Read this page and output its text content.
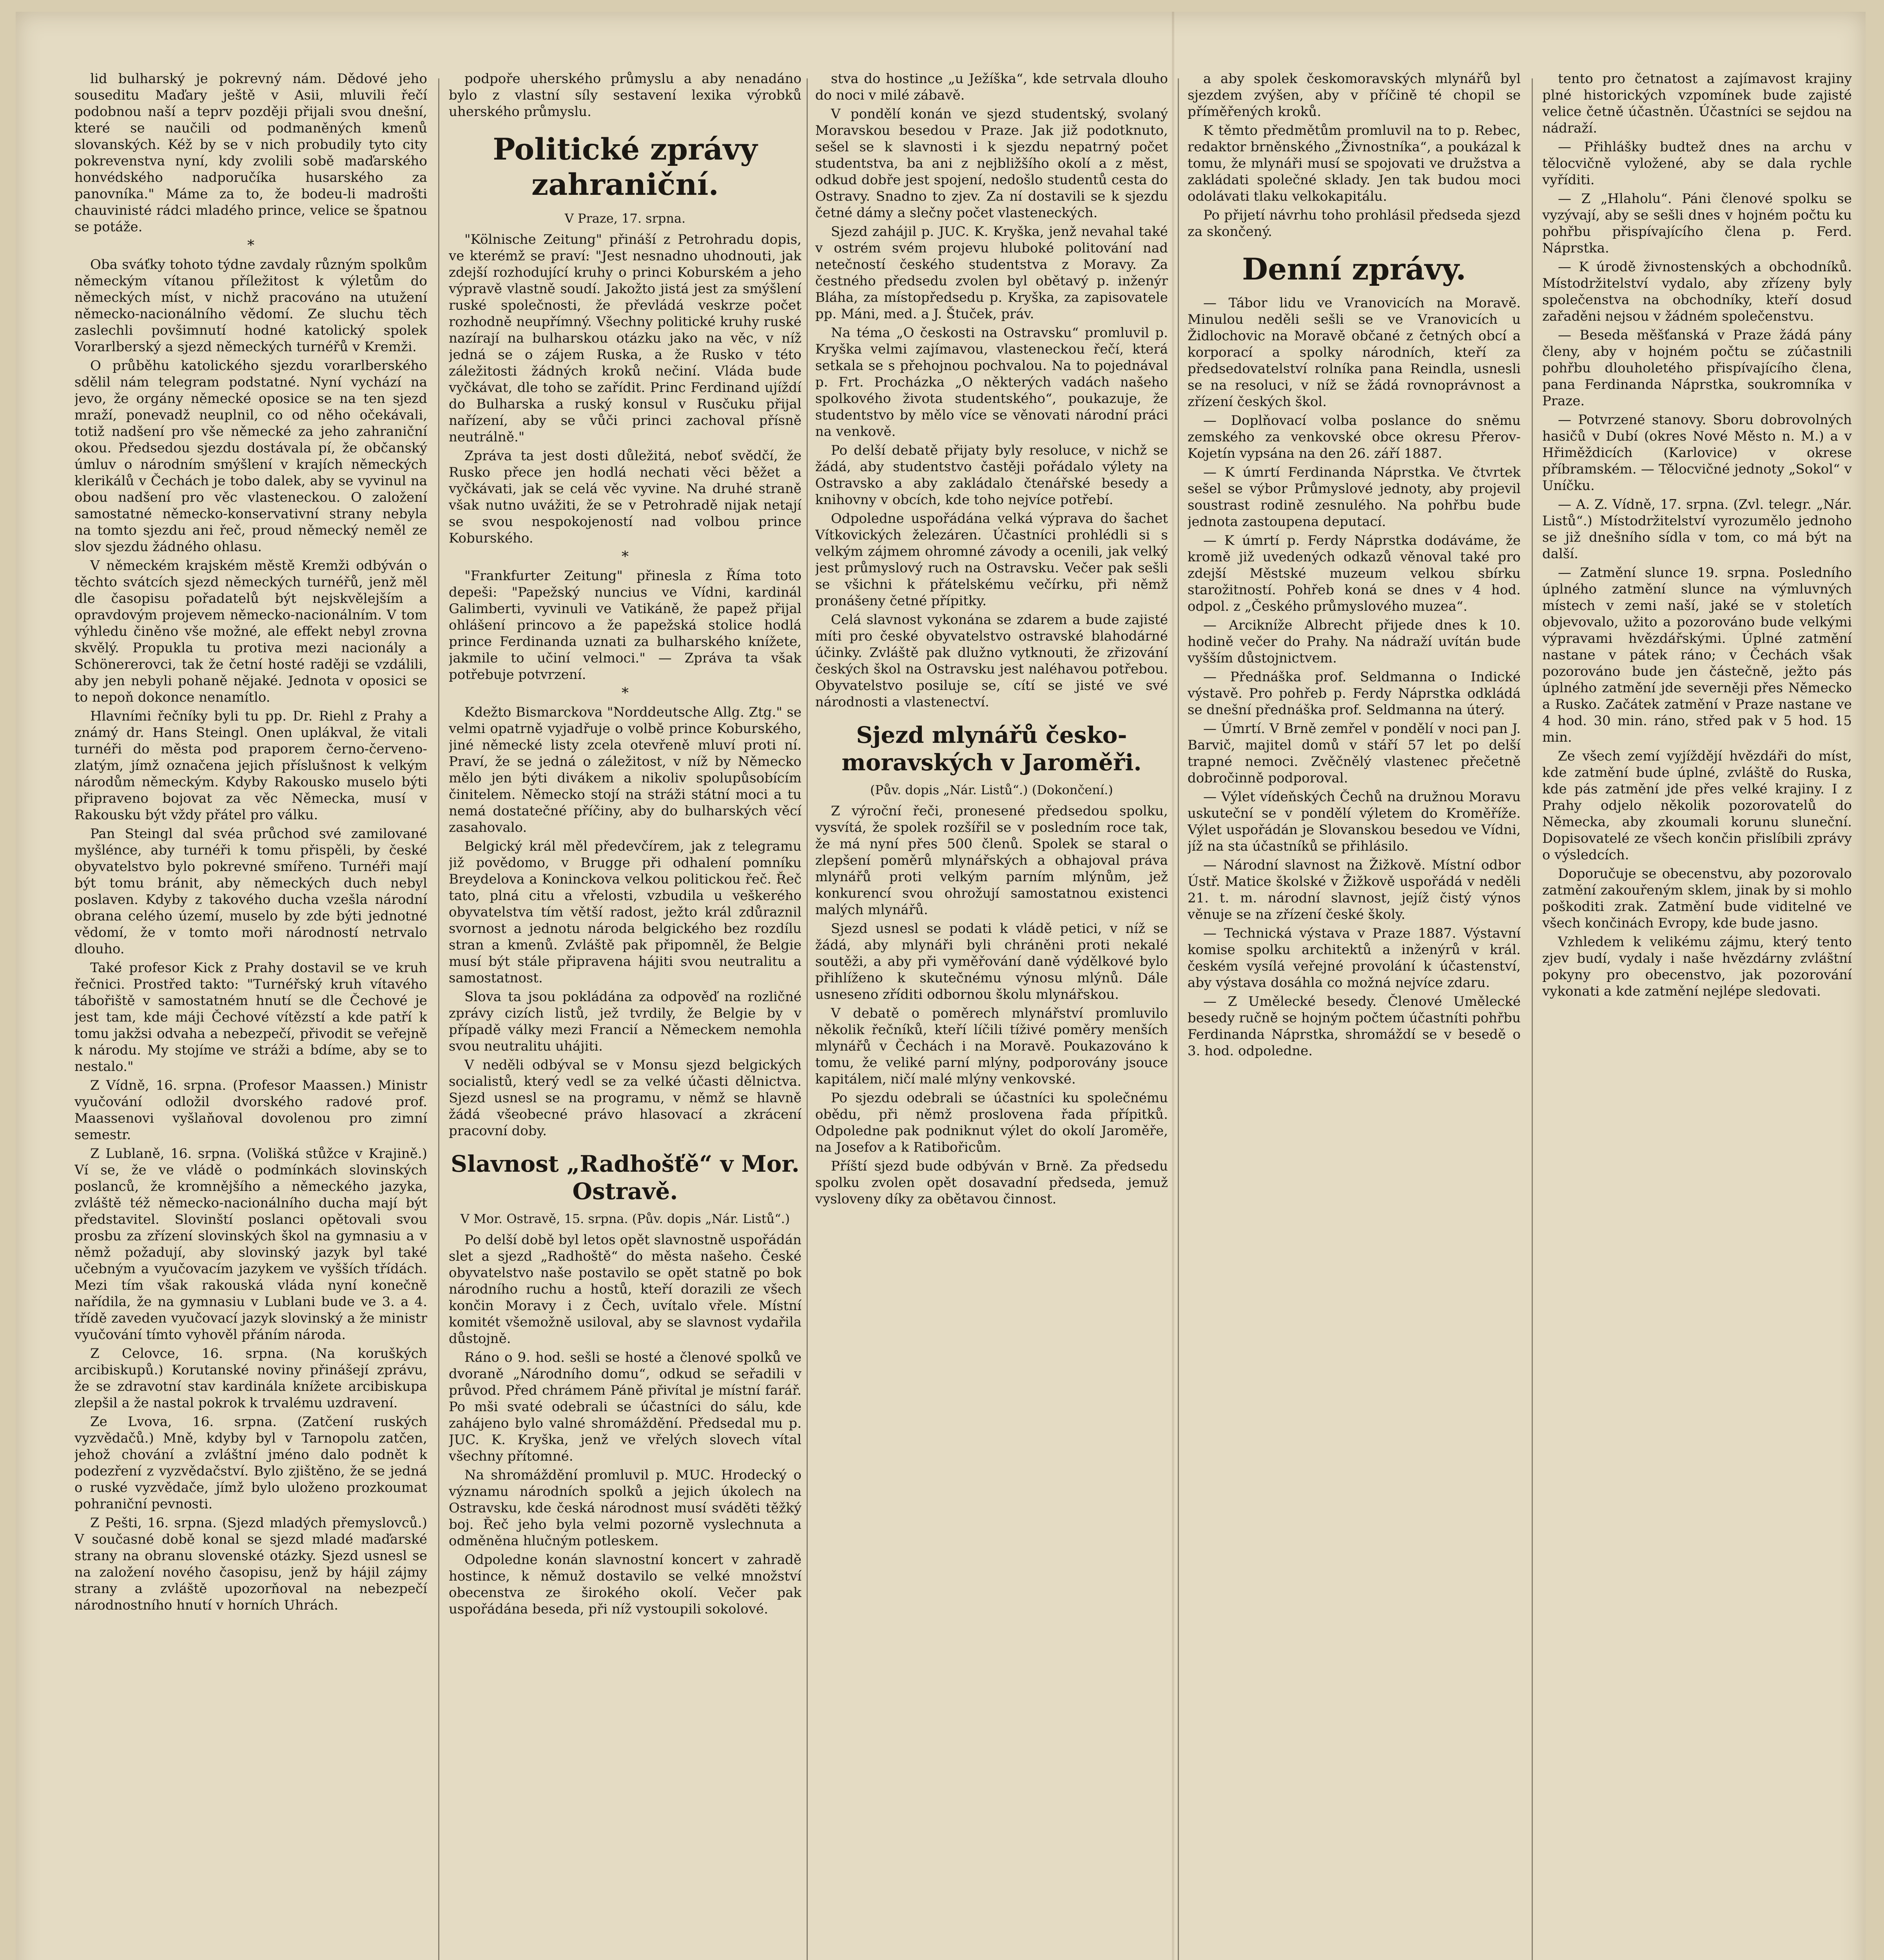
lid bulharský je pokrevný nám. Dědové jeho souseditu Maďary ještě v Asii, mluvili řečí podobnou naší a teprv později přijali svou dnešní, které se naučili od podmaněných kmenů slovanských. Kéž by se v nich probudily tyto city pokrevenstva nyní, kdy zvolili sobě maďarského honvédského nadporučíka husarského za panovníka." Máme za to, že bodeu-li madrošti chauvinisté rádci mladého prince, velice se špatnou se potáže.

*

Oba sváťky tohoto týdne zavdaly různým spolkům německým vítanou příležitost k výletům do německých míst, v nichž pracováno na utužení německo-nacionálního vědomí. Ze sluchu těch zaslechli povšimnutí hodné katolický spolek Vorarlberský a sjezd německých turnéřů v Kremži.

O průběhu katolického sjezdu vorarlberského sdělil nám telegram podstatné. Nyní vychází na jevo, že orgány německé oposice se na ten sjezd mraží, ponevadž neuplnil, co od něho očekávali, totiž nadšení pro vše německé za jeho zahraniční okou. Předsedou sjezdu dostávala pí, že občanský úmluv o národním smýšlení v krajích německých klerikálů v Čechách je tobo dalek, aby se vyvinul na obou nadšení pro věc vlasteneckou. O založení samostatné německo-konservativní strany nebyla na tomto sjezdu ani řeč, proud německý neměl ze slov sjezdu žádného ohlasu.

V německém krajském městě Kremži odbýván o těchto svátcích sjezd německých turnéřů, jenž měl dle časopisu pořadatelů být nejskvělejším a opravdovým projevem německo-nacionálním. V tom výhledu činěno vše možné, ale effekt nebyl zrovna skvělý. Propukla tu protiva mezi nacionály a Schönererovci, tak že četní hosté raději se vzdálili, aby jen nebyli pohaně nějaké. Jednota v oposici se to nepoň dokonce nenamítlo.

Hlavními řečníky byli tu pp. Dr. Riehl z Prahy a známý dr. Hans Steingl. Onen uplákval, že vitali turnéři do města pod praporem černo-červeno-zlatým, jímž označena jejich příslušnost k velkým národům německým. Kdyby Rakousko muselo býti připraveno bojovat za věc Německa, musí v Rakousku být vždy přátel pro válku.

Pan Steingl dal svéa průchod své zamilované myšlénce, aby turnéři k tomu přispěli, by české obyvatelstvo bylo pokrevné smířeno. Turnéři mají být tomu bránit, aby německých duch nebyl poslaven. Kdyby z takového ducha vzešla národní obrana celého území, muselo by zde býti jednotné vědomí, že v tomto moři národností netrvalo dlouho.

Také profesor Kick z Prahy dostavil se ve kruh řečnici. Prostřed takto: "Turnéřský kruh vítavého tábořiště v samostatném hnutí se dle Čechové je jest tam, kde máji Čechové vítězstí a kde patří k tomu jakžsi odvaha a nebezpečí, přivodit se veřejně k národu. My stojíme ve stráži a bdíme, aby se to nestalo."

Z Vídně, 16. srpna. (Profesor Maassen.) Ministr vyučování odložil dvorského radové prof. Maassenovi vyšlaňoval dovolenou pro zimní semestr.

Z Lublaně, 16. srpna. (Volišká stůžce v Krajině.) Ví se, že ve vládě o podmínkách slovinských poslanců, že kromnějšího a německého jazyka, zvláště též německo-nacionálního ducha mají být představitel. Slovinští poslanci opětovali svou prosbu za zřízení slovinských škol na gymnasiu a v němž požadují, aby slovinský jazyk byl také učebným a vyučovacím jazykem ve vyšších třídách. Mezi tím však rakouská vláda nyní konečně nařídila, že na gymnasiu v Lublani bude ve 3. a 4. třídě zaveden vyučovací jazyk slovinský a že ministr vyučování tímto vyhověl přáním národa.

Z Celovce, 16. srpna. (Na koruškých arcibiskupů.) Korutanské noviny přinášejí zprávu, že se zdravotní stav kardinála knížete arcibiskupa zlepšil a že nastal pokrok k trvalému uzdravení.

Ze Lvova, 16. srpna. (Zatčení ruských vyzvědačů.) Mně, kdyby byl v Tarnopolu zatčen, jehož chování a zvláštní jméno dalo podnět k podezření z vyzvědačství. Bylo zjištěno, že se jedná o ruské vyzvědače, jímž bylo uloženo prozkoumat pohraniční pevnosti.

Z Pešti, 16. srpna. (Sjezd mladých přemyslovců.) V současné době konal se sjezd mladé maďarské strany na obranu slovenské otázky. Sjezd usnesl se na založení nového časopisu, jenž by hájil zájmy strany a zvláště upozorňoval na nebezpečí národnostního hnutí v horních Uhrách.

podpoře uherského průmyslu a aby nenadáno bylo z vlastní síly sestavení lexika výrobků uherského průmyslu.

Politické zprávy zahraniční.

V Praze, 17. srpna.

"Kölnische Zeitung" přináší z Petrohradu dopis, ve kterémž se praví: "Jest nesnadno uhodnouti, jak zdejší rozhodující kruhy o princi Koburském a jeho výpravě vlastně soudí. Jakožto jistá jest za smýšlení ruské společnosti, že převládá veskrze počet rozhodně neupřímný. Všechny politické kruhy ruské nazírají na bulharskou otázku jako na věc, v níž jedná se o zájem Ruska, a že Rusko v této záležitosti žádných kroků nečiní. Vláda bude vyčkávat, dle toho se zařídit. Princ Ferdinand ujíždí do Bulharska a ruský konsul v Rusčuku přijal nařízení, aby se vůči princi zachoval přísně neutrálně."

Zpráva ta jest dosti důležitá, neboť svědčí, že Rusko přece jen hodlá nechati věci běžet a vyčkávati, jak se celá věc vyvine. Na druhé straně však nutno uvážiti, že se v Petrohradě nijak netají se svou nespokojeností nad volbou prince Koburského.

*

"Frankfurter Zeitung" přinesla z Říma toto depeši: "Papežský nuncius ve Vídni, kardinál Galimberti, vyvinuli ve Vatikáně, že papež přijal ohlášení princovo a že papežská stolice hodlá prince Ferdinanda uznati za bulharského knížete, jakmile to učiní velmoci." — Zpráva ta však potřebuje potvrzení.

*

Kdežto Bismarckova "Norddeutsche Allg. Ztg." se velmi opatrně vyjadřuje o volbě prince Koburského, jiné německé listy zcela otevřeně mluví proti ní. Praví, že se jedná o záležitost, v níž by Německo mělo jen býti divákem a nikoliv spolupůsobícím činitelem. Německo stojí na stráži státní moci a tu nemá dostatečné příčiny, aby do bulharských věcí zasahovalo.

Belgický král měl předevčírem, jak z telegramu již povědomo, v Brugge při odhalení pomníku Breydelova a Koninckova velkou politickou řeč. Řeč tato, plná citu a vřelosti, vzbudila u veškerého obyvatelstva tím větší radost, ježto král zdůraznil svornost a jednotu národa belgického bez rozdílu stran a kmenů. Zvláště pak připomněl, že Belgie musí být stále připravena hájiti svou neutralitu a samostatnost.

Slova ta jsou pokládána za odpověď na rozličné zprávy cizích listů, jež tvrdily, že Belgie by v případě války mezi Francií a Německem nemohla svou neutralitu uhájiti.

V neděli odbýval se v Monsu sjezd belgických socialistů, který vedl se za velké účasti dělnictva. Sjezd usnesl se na programu, v němž se hlavně žádá všeobecné právo hlasovací a zkrácení pracovní doby.

Slavnost „Radhošťě“ v Mor. Ostravě.

V Mor. Ostravě, 15. srpna. (Pův. dopis „Nár. Listů“.)

Po delší době byl letos opět slavnostně uspořádán slet a sjezd „Radhoště“ do města našeho. České obyvatelstvo naše postavilo se opět statně po bok národního ruchu a hostů, kteří dorazili ze všech končin Moravy i z Čech, uvítalo vřele. Místní komitét všemožně usiloval, aby se slavnost vydařila důstojně.

Ráno o 9. hod. sešli se hosté a členové spolků ve dvoraně „Národního domu“, odkud se seřadili v průvod. Před chrámem Páně přivítal je místní farář. Po mši svaté odebrali se účastníci do sálu, kde zahájeno bylo valné shromáždění. Předsedal mu p. JUC. K. Kryška, jenž ve vřelých slovech vítal všechny přítomné.

Na shromáždění promluvil p. MUC. Hrodecký o významu národních spolků a jejich úkolech na Ostravsku, kde česká národnost musí sváděti těžký boj. Řeč jeho byla velmi pozorně vyslechnuta a odměněna hlučným potleskem.

Odpoledne konán slavnostní koncert v zahradě hostince, k němuž dostavilo se velké množství obecenstva ze širokého okolí. Večer pak uspořádána beseda, při níž vystoupili sokolové.

stva do hostince „u Ježíška“, kde setrvala dlouho do noci v milé zábavě.

V pondělí konán ve sjezd studentský, svolaný Moravskou besedou v Praze. Jak již podotknuto, sešel se k slavnosti i k sjezdu nepatrný počet studentstva, ba ani z nejbližšího okolí a z měst, odkud dobře jest spojení, nedošlo studentů cesta do Ostravy. Snadno to zjev. Za ní dostavili se k sjezdu četné dámy a slečny počet vlasteneckých.

Sjezd zahájil p. JUC. K. Kryška, jenž nevahal také v ostrém svém projevu hluboké politování nad netečností českého studentstva z Moravy. Za čestného předsedu zvolen byl obětavý p. inženýr Bláha, za místopředsedu p. Kryška, za zapisovatele pp. Máni, med. a J. Štuček, práv.

Na téma „O českosti na Ostravsku“ promluvil p. Kryška velmi zajímavou, vlasteneckou řečí, která setkala se s přehojnou pochvalou. Na to pojednával p. Frt. Procházka „O některých vadách našeho spolkového života studentského“, poukazuje, že studentstvo by mělo více se věnovati národní práci na venkově.

Po delší debatě přijaty byly resoluce, v nichž se žádá, aby studentstvo častěji pořádalo výlety na Ostravsko a aby zakládalo čtenářské besedy a knihovny v obcích, kde toho nejvíce potřebí.

Odpoledne uspořádána velká výprava do šachet Vítkovických železáren. Účastníci prohlédli si s velkým zájmem ohromné závody a ocenili, jak velký jest průmyslový ruch na Ostravsku. Večer pak sešli se všichni k přátelskému večírku, při němž pronášeny četné přípitky.

Celá slavnost vykonána se zdarem a bude zajisté míti pro české obyvatelstvo ostravské blahodárné účinky. Zvláště pak dlužno vytknouti, že zřizování českých škol na Ostravsku jest naléhavou potřebou. Obyvatelstvo posiluje se, cítí se jisté ve své národnosti a vlastenectví.

Sjezd mlynářů česko-moravských v Jaroměři.

(Pův. dopis „Nár. Listů“.) (Dokončení.)

Z výroční řeči, pronesené předsedou spolku, vysvítá, že spolek rozšířil se v posledním roce tak, že má nyní přes 500 členů. Spolek se staral o zlepšení poměrů mlynářských a obhajoval práva mlynářů proti velkým parním mlýnům, jež konkurencí svou ohrožují samostatnou existenci malých mlynářů.

Sjezd usnesl se podati k vládě petici, v níž se žádá, aby mlynáři byli chráněni proti nekalé soutěži, a aby při vyměřování daně výdělkové bylo přihlíženo k skutečnému výnosu mlýnů. Dále usneseno zříditi odbornou školu mlynářskou.

V debatě o poměrech mlynářství promluvilo několik řečníků, kteří líčili tíživé poměry menších mlynářů v Čechách i na Moravě. Poukazováno k tomu, že veliké parní mlýny, podporovány jsouce kapitálem, ničí malé mlýny venkovské.

Po sjezdu odebrali se účastníci ku společnému obědu, při němž proslovena řada přípitků. Odpoledne pak podniknut výlet do okolí Jaroměře, na Josefov a k Ratibořicům.

Příští sjezd bude odbýván v Brně. Za předsedu spolku zvolen opět dosavadní předseda, jemuž vysloveny díky za obětavou činnost.

a aby spolek českomoravských mlynářů byl sjezdem zvýšen, aby v příčině té chopil se příměřených kroků.

K těmto předmětům promluvil na to p. Rebec, redaktor brněnského „Živnostníka“, a poukázal k tomu, že mlynáři musí se spojovati ve družstva a zakládati společné sklady. Jen tak budou moci odolávati tlaku velkokapitálu.

Po přijetí návrhu toho prohlásil předseda sjezd za skončený.

Denní zprávy.

— Tábor lidu ve Vranovicích na Moravě. Minulou neděli sešli se ve Vranovicích u Židlochovic na Moravě občané z četných obcí a korporací a spolky národních, kteří za předsedovatelství rolníka pana Reindla, usnesli se na resoluci, v níž se žádá rovnoprávnost a zřízení českých škol.

— Doplňovací volba poslance do sněmu zemského za venkovské obce okresu Přerov-Kojetín vypsána na den 26. září 1887.

— K úmrtí Ferdinanda Náprstka. Ve čtvrtek sešel se výbor Průmyslové jednoty, aby projevil soustrast rodině zesnulého. Na pohřbu bude jednota zastoupena deputací.

— K úmrtí p. Ferdy Náprstka dodáváme, že kromě již uvedených odkazů věnoval také pro zdejší Městské muzeum velkou sbírku starožitností. Pohřeb koná se dnes v 4 hod. odpol. z „Českého průmyslového muzea“.

— Arcikníže Albrecht přijede dnes k 10. hodině večer do Prahy. Na nádraží uvítán bude vyšším důstojnictvem.

— Přednáška prof. Seldmanna o Indické výstavě. Pro pohřeb p. Ferdy Náprstka odkládá se dnešní přednáška prof. Seldmanna na úterý.

— Úmrtí. V Brně zemřel v pondělí v noci pan J. Barvič, majitel domů v stáří 57 let po delší trapné nemoci. Zvěčnělý vlastenec přečetně dobročinně podporoval.

— Výlet vídeňských Čechů na družnou Moravu uskuteční se v pondělí výletem do Kroměříže. Výlet uspořádán je Slovanskou besedou ve Vídni, jíž na sta účastníků se přihlásilo.

— Národní slavnost na Žižkově. Místní odbor Ústř. Matice školské v Žižkově uspořádá v neděli 21. t. m. národní slavnost, jejíž čistý výnos věnuje se na zřízení české školy.

— Technická výstava v Praze 1887. Výstavní komise spolku architektů a inženýrů v král. českém vysílá veřejné provolání k účastenství, aby výstava dosáhla co možná nejvíce zdaru.

— Z Umělecké besedy. Členové Umělecké besedy ručně se hojným počtem účastníti pohřbu Ferdinanda Náprstka, shromáždí se v besedě o 3. hod. odpoledne.

tento pro četnatost a zajímavost krajiny plné historických vzpomínek bude zajisté velice četně účastněn. Účastníci se sejdou na nádraží.

— Přihlášky budtež dnes na archu v tělocvičně vyložené, aby se dala rychle vyříditi.

— Z „Hlaholu“. Páni členové spolku se vyzývají, aby se sešli dnes v hojném počtu ku pohřbu přispívajícího člena p. Ferd. Náprstka.

— K úrodě živnostenských a obchodníků. Místodržitelství vydalo, aby zřízeny byly společenstva na obchodníky, kteří dosud zařaděni nejsou v žádném společenstvu.

— Beseda měšťanská v Praze žádá pány členy, aby v hojném počtu se zúčastnili pohřbu dlouholetého přispívajícího člena, pana Ferdinanda Náprstka, soukromníka v Praze.

— Potvrzené stanovy. Sboru dobrovolných hasičů v Dubí (okres Nové Město n. M.) a v Hřiměždicích (Karlovice) v okrese příbramském. — Tělocvičné jednoty „Sokol“ v Uníčku.

— A. Z. Vídně, 17. srpna. (Zvl. telegr. „Nár. Listů“.) Místodržitelství vyrozumělo jednoho se již dnešního sídla v tom, co má být na další.

— Zatmění slunce 19. srpna. Posledního úplného zatmění slunce na výmluvných místech v zemi naší, jaké se v stoletích objevovalo, užito a pozorováno bude velkými výpravami hvězdářskými. Úplné zatmění nastane v pátek ráno; v Čechách však pozorováno bude jen částečně, ježto pás úplného zatmění jde severněji přes Německo a Rusko. Začátek zatmění v Praze nastane ve 4 hod. 30 min. ráno, střed pak v 5 hod. 15 min.

Ze všech zemí vyjíždějí hvězdáři do míst, kde zatmění bude úplné, zvláště do Ruska, kde pás zatmění jde přes velké krajiny. I z Prahy odjelo několik pozorovatelů do Německa, aby zkoumali korunu sluneční. Dopisovatelé ze všech končin přislíbili zprávy o výsledcích.

Doporučuje se obecenstvu, aby pozorovalo zatmění zakouřeným sklem, jinak by si mohlo poškoditi zrak. Zatmění bude viditelné ve všech končinách Evropy, kde bude jasno.

Vzhledem k velikému zájmu, který tento zjev budí, vydaly i naše hvězdárny zvláštní pokyny pro obecenstvo, jak pozorování vykonati a kde zatmění nejlépe sledovati.
